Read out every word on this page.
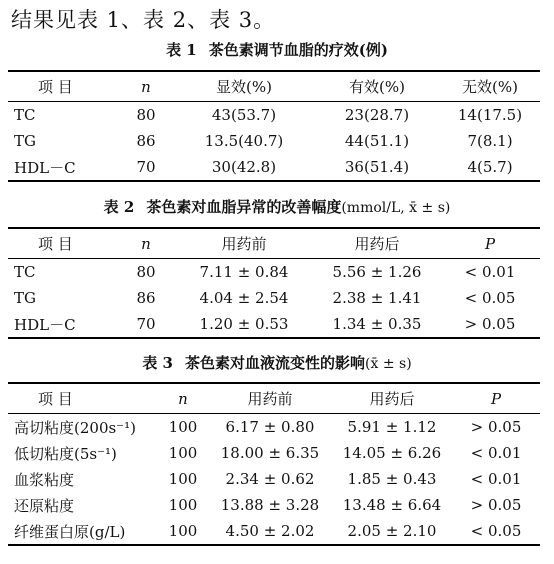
结果见表 1、表 2、表 3。
表 1 茶色素调节血脂的疗效(例)
项 目	n	显效(%)	有效(%)	无效(%)
TC	80	43(53.7)	23(28.7)	14(17.5)
TG	86	13.5(40.7)	44(51.1)	7(8.1)
HDL－C	70	30(42.8)	36(51.4)	4(5.7)
表 2 茶色素对血脂异常的改善幅度(mmol/L, x̄ ± s)
项 目	n	用药前	用药后	P
TC	80	7.11 ± 0.84	5.56 ± 1.26	< 0.01
TG	86	4.04 ± 2.54	2.38 ± 1.41	< 0.05
HDL－C	70	1.20 ± 0.53	1.34 ± 0.35	> 0.05
表 3 茶色素对血液流变性的影响(x̄ ± s)
项 目	n	用药前	用药后	P
高切粘度(200s⁻¹)	100	6.17 ± 0.80	5.91 ± 1.12	> 0.05
低切粘度(5s⁻¹)	100	18.00 ± 6.35	14.05 ± 6.26	< 0.01
血浆粘度	100	2.34 ± 0.62	1.85 ± 0.43	< 0.01
还原粘度	100	13.88 ± 3.28	13.48 ± 6.64	> 0.05
纤维蛋白原(g/L)	100	4.50 ± 2.02	2.05 ± 2.10	< 0.05
